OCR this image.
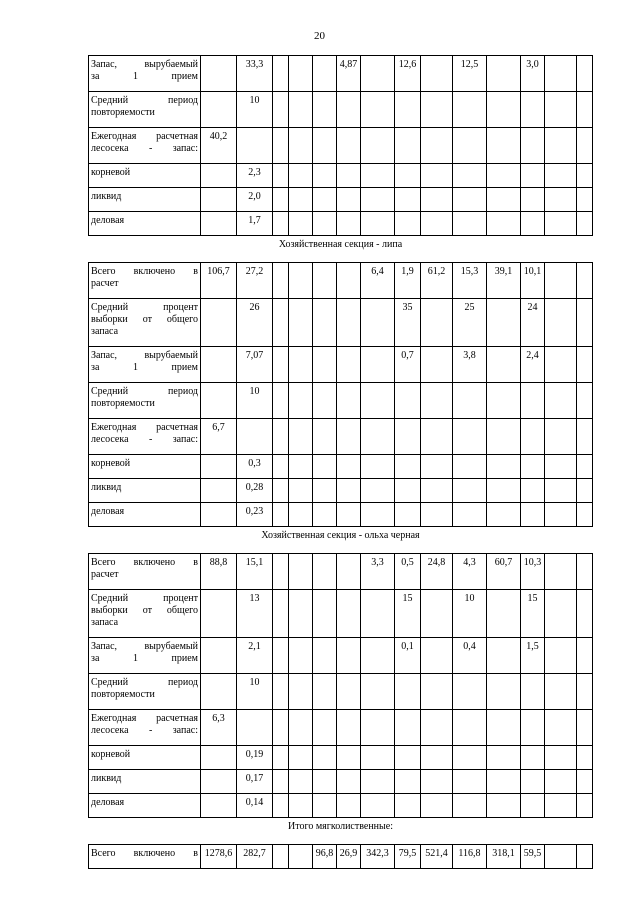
20
Запас, вырубаемый
за 1 прием		33,3				4,87		12,6		12,5		3,0		

Средний период
повторяемости		10												

Ежегодная расчетная
лесосека - запас:	40,2													

корневой		2,3												

ликвид		2,0												

деловая		1,7												
Хозяйственная секция - липа														

Всего включено в
расчет	106,7	27,2					6,4	1,9	61,2	15,3	39,1	10,1		

Средний процент
выборки от общего
запаса		26						35		25		24		

Запас, вырубаемый
за 1 прием		7,07						0,7		3,8		2,4		

Средний период
повторяемости		10												

Ежегодная расчетная
лесосека - запас:	6,7													

корневой		0,3												

ликвид		0,28												

деловая		0,23												
Хозяйственная секция - ольха черная														

Всего включено в
расчет	88,8	15,1					3,3	0,5	24,8	4,3	60,7	10,3		

Средний процент
выборки от общего
запаса		13						15		10		15		

Запас, вырубаемый
за 1 прием		2,1						0,1		0,4		1,5		

Средний период
повторяемости		10												

Ежегодная расчетная
лесосека - запас:	6,3													

корневой		0,19												

ликвид		0,17												

деловая		0,14												
Итого мягколиственные:														

Всего включено в	1278,6	282,7			96,8	26,9	342,3	79,5	521,4	116,8	318,1	59,5		
